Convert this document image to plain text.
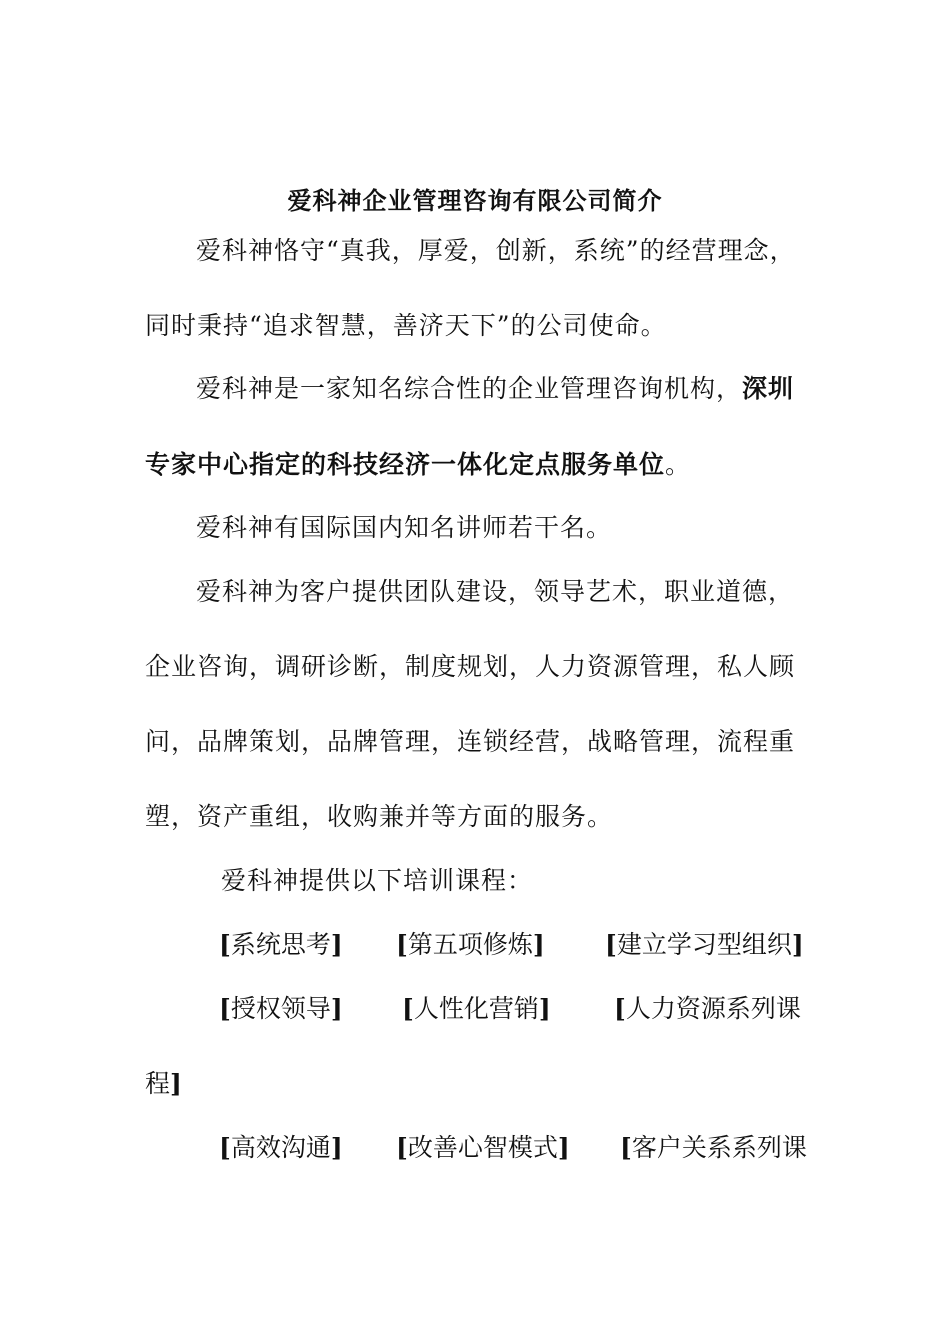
爱科神企业管理咨询有限公司简介
爱科神恪守“真我，厚爱，创新，系统”的经营理念，
同时秉持“追求智慧，善济天下”的公司使命。
爱科神是一家知名综合性的企业管理咨询机构，深圳
专家中心指定的科技经济一体化定点服务单位。
爱科神有国际国内知名讲师若干名。
爱科神为客户提供团队建设，领导艺术，职业道德，
企业咨询，调研诊断，制度规划，人力资源管理，私人顾
问，品牌策划，品牌管理，连锁经营，战略管理，流程重
塑，资产重组，收购兼并等方面的服务。
爱科神提供以下培训课程：
[系统思考] [第五项修炼] [建立学习型组织]
[授权领导] [人性化营销]	[人力资源系列课
程]
[高效沟通] [改善心智模式] [客户关系系列课
